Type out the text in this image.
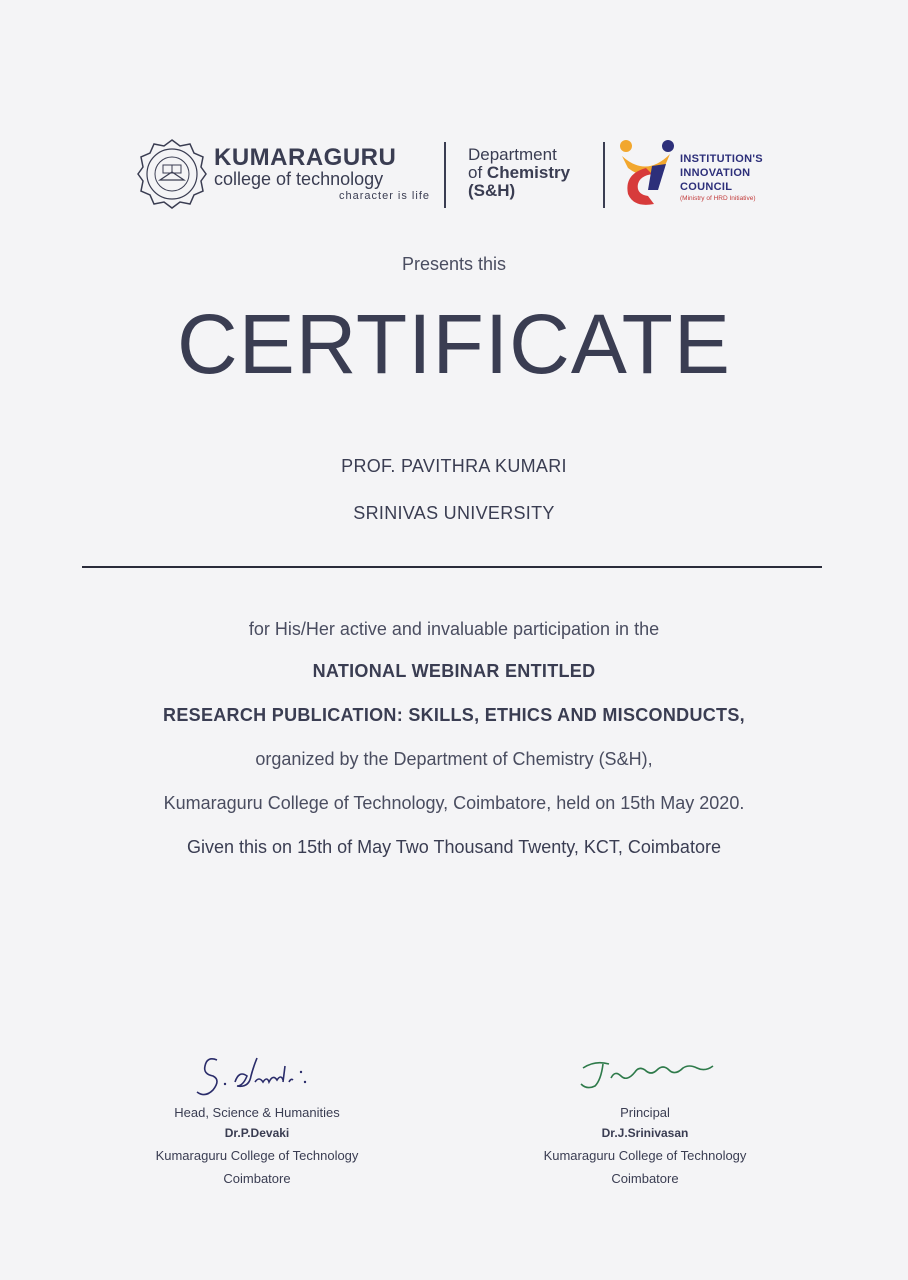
KUMARAGURU
college of technology
character is life
Department
of Chemistry
(S&H)
INSTITUTION'S
INNOVATION
COUNCIL
(Ministry of HRD Initiative)
Presents this
CERTIFICATE
PROF. PAVITHRA KUMARI
SRINIVAS UNIVERSITY
for His/Her active and invaluable participation in the
NATIONAL WEBINAR ENTITLED
RESEARCH PUBLICATION: SKILLS, ETHICS AND MISCONDUCTS,
organized by the Department of Chemistry (S&H),
Kumaraguru College of Technology, Coimbatore, held on 15th May 2020.
Given this on 15th of May Two Thousand Twenty, KCT, Coimbatore
Head, Science & Humanities
Dr.P.Devaki
Kumaraguru College of Technology
Coimbatore
Principal
Dr.J.Srinivasan
Kumaraguru College of Technology
Coimbatore
